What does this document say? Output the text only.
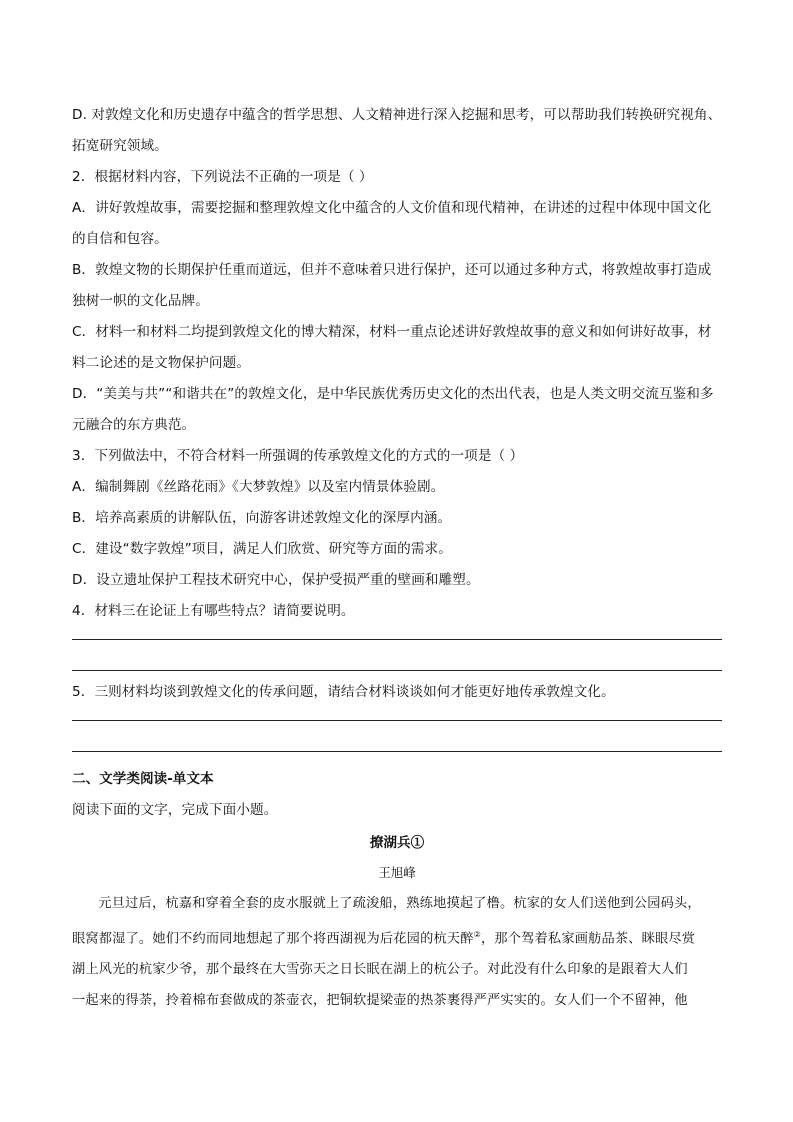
D. 对敦煌文化和历史遗存中蕴含的哲学思想、人文精神进行深入挖掘和思考，可以帮助我们转换研究视角、
拓宽研究领域。
2．根据材料内容，下列说法不正确的一项是（ ）
A．讲好敦煌故事，需要挖掘和整理敦煌文化中蕴含的人文价值和现代精神，在讲述的过程中体现中国文化
的自信和包容。
B．敦煌文物的长期保护任重而道远，但并不意味着只进行保护，还可以通过多种方式，将敦煌故事打造成
独树一帜的文化品牌。
C．材料一和材料二均提到敦煌文化的博大精深，材料一重点论述讲好敦煌故事的意义和如何讲好故事，材
料二论述的是文物保护问题。
D．“美美与共”“和谐共在”的敦煌文化，是中华民族优秀历史文化的杰出代表，也是人类文明交流互鉴和多
元融合的东方典范。
3．下列做法中，不符合材料一所强调的传承敦煌文化的方式的一项是（ ）
A．编制舞剧《丝路花雨》《大梦敦煌》以及室内情景体验剧。
B．培养高素质的讲解队伍，向游客讲述敦煌文化的深厚内涵。
C．建设“数字敦煌”项目，满足人们欣赏、研究等方面的需求。
D．设立遗址保护工程技术研究中心，保护受损严重的壁画和雕塑。
4．材料三在论证上有哪些特点？请简要说明。
5．三则材料均谈到敦煌文化的传承问题，请结合材料谈谈如何才能更好地传承敦煌文化。
二、文学类阅读-单文本
阅读下面的文字，完成下面小题。
撩湖兵①
王旭峰
元旦过后，杭嘉和穿着全套的皮水服就上了疏浚船，熟练地摸起了橹。杭家的女人们送他到公园码头，
眼窝都湿了。她们不约而同地想起了那个将西湖视为后花园的杭天醉②，那个驾着私家画舫品茶、眯眼尽赏
湖上风光的杭家少爷，那个最终在大雪弥天之日长眠在湖上的杭公子。对此没有什么印象的是跟着大人们
一起来的得荼，拎着棉布套做成的茶壶衣，把铜软提梁壶的热茶裹得严严实实的。女人们一个不留神，他
